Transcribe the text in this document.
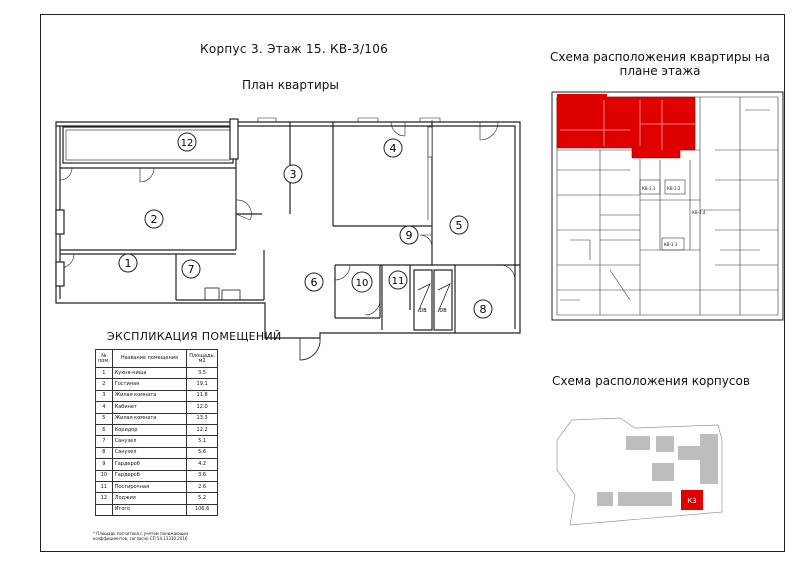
Корпус 3. Этаж 15. КВ-3/106
План квартиры
Схема расположения квартиры на плане этажа
Схема расположения корпусов
ЭКСПЛИКАЦИЯ ПОМЕЩЕНИЙ
№ пом.	Название помещения	Площадь, м2
1	Кухня-ниша	3.5
2	Гостиная	19.1
3	Жилая комната	11.8
4	Кабинет	12.0
5	Жилая комната	13.3
6	Коридор	12.2
7	Санузел	5.1
8	Санузел	5.6
9	Гардероб	4.2
10	Гардероб	3.6
11	Постирочная	2.6
12	Лоджия	5.2
	Итого	106.6
* Площадь посчитана с учетом понижающих коэффициентов, согласно СП 54.13330.2016
1
2
3
4
5
6
7
8
9
10 11
12
DB	DB
КВ-3.1	КВ-3.2
КВ-3.3
КВ-3.4
К3
